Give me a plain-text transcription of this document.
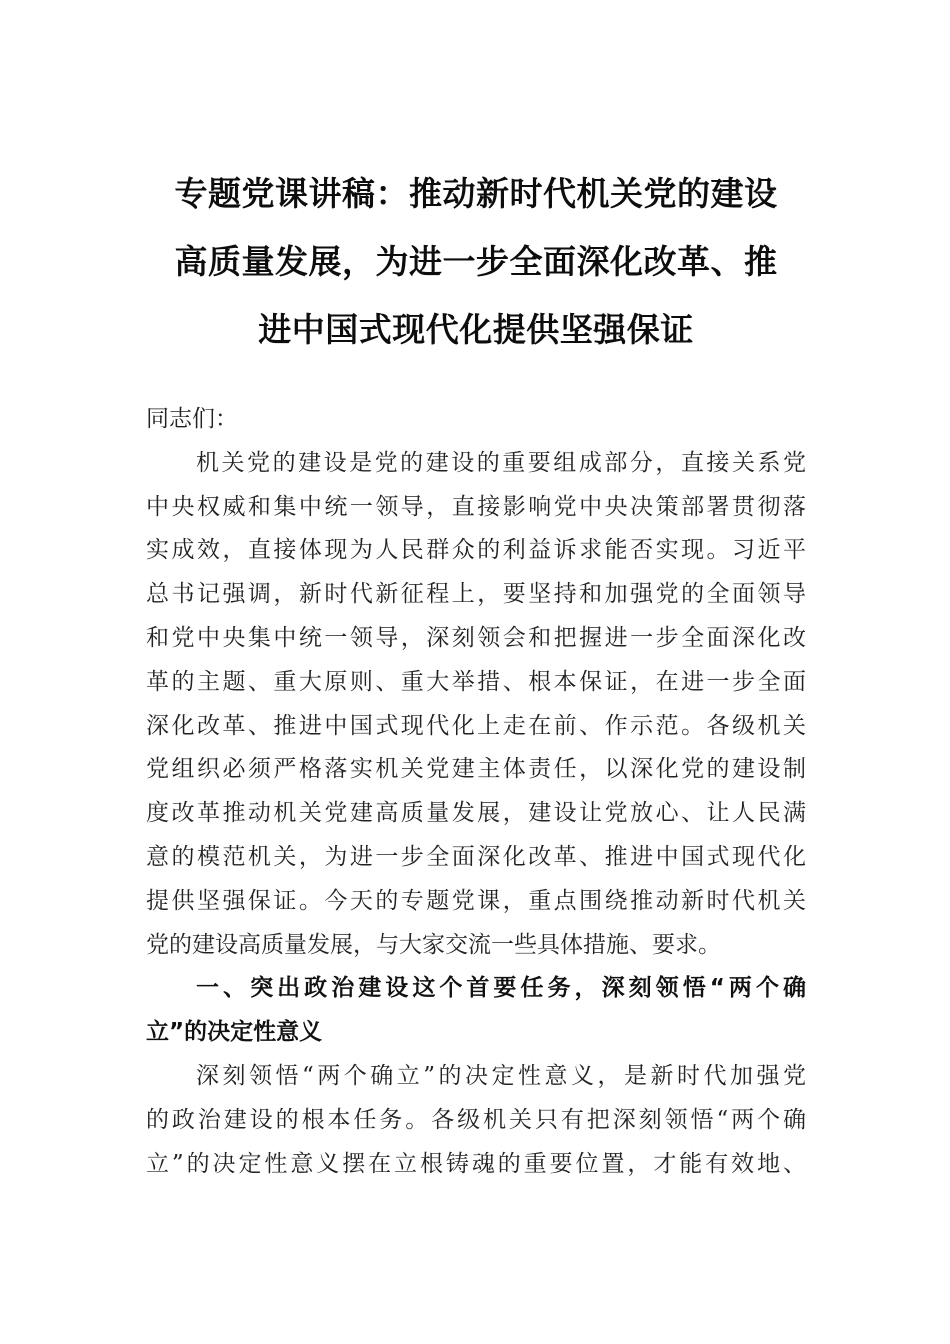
专题党课讲稿：推动新时代机关党的建设
高质量发展，为进一步全面深化改革、推
进中国式现代化提供坚强保证
同志们：
机关党的建设是党的建设的重要组成部分，直接关系党
中央权威和集中统一领导，直接影响党中央决策部署贯彻落
实成效，直接体现为人民群众的利益诉求能否实现。习近平
总书记强调，新时代新征程上，要坚持和加强党的全面领导
和党中央集中统一领导，深刻领会和把握进一步全面深化改
革的主题、重大原则、重大举措、根本保证，在进一步全面
深化改革、推进中国式现代化上走在前、作示范。各级机关
党组织必须严格落实机关党建主体责任，以深化党的建设制
度改革推动机关党建高质量发展，建设让党放心、让人民满
意的模范机关，为进一步全面深化改革、推进中国式现代化
提供坚强保证。今天的专题党课，重点围绕推动新时代机关
党的建设高质量发展，与大家交流一些具体措施、要求。
一、突出政治建设这个首要任务，深刻领悟“两个确
立”的决定性意义
深刻领悟“两个确立”的决定性意义，是新时代加强党
的政治建设的根本任务。各级机关只有把深刻领悟“两个确
立”的决定性意义摆在立根铸魂的重要位置，才能有效地、
